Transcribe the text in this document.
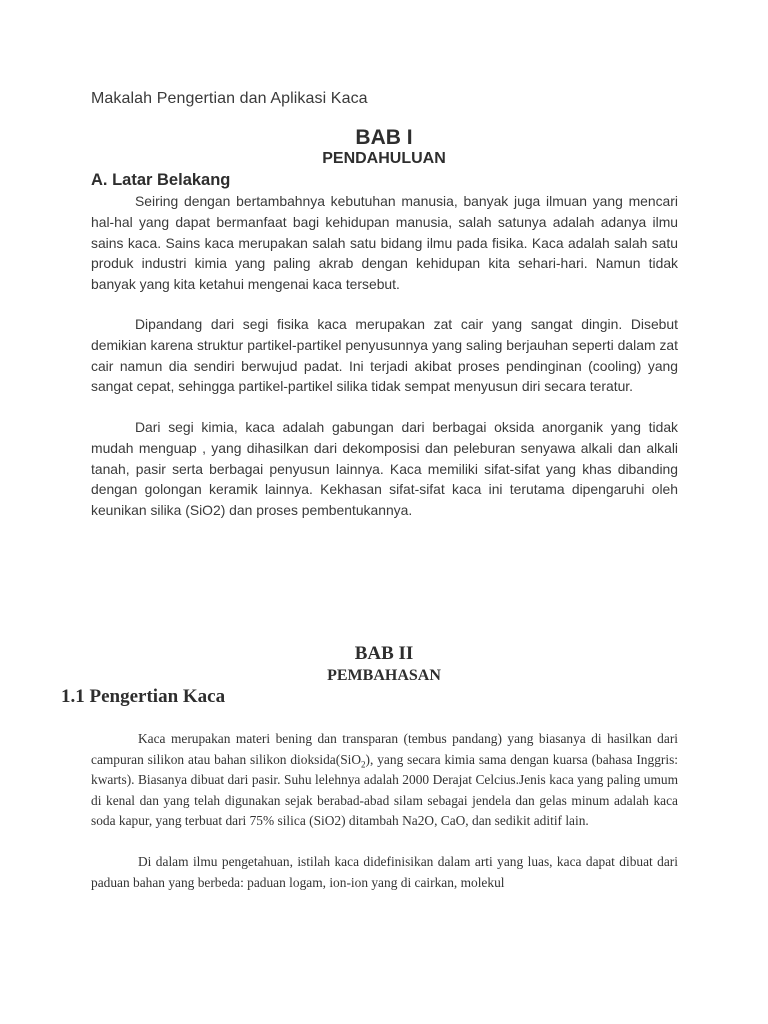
Makalah Pengertian dan Aplikasi Kaca
BAB I
PENDAHULUAN
A. Latar Belakang

Seiring dengan bertambahnya kebutuhan manusia, banyak juga ilmuan yang mencari hal-hal yang dapat bermanfaat bagi kehidupan manusia, salah satunya adalah adanya ilmu sains kaca. Sains kaca merupakan salah satu bidang ilmu pada fisika. Kaca adalah salah satu produk industri kimia yang paling akrab dengan kehidupan kita sehari-hari. Namun tidak banyak yang kita ketahui mengenai kaca tersebut.

Dipandang dari segi fisika kaca merupakan zat cair yang sangat dingin. Disebut demikian karena struktur partikel-partikel penyusunnya yang saling berjauhan seperti dalam zat cair namun dia sendiri berwujud padat. Ini terjadi akibat proses pendinginan (cooling) yang sangat cepat, sehingga partikel-partikel silika tidak sempat menyusun diri secara teratur.

Dari segi kimia, kaca adalah gabungan dari berbagai oksida anorganik yang tidak mudah menguap , yang dihasilkan dari dekomposisi dan peleburan senyawa alkali dan alkali tanah, pasir serta berbagai penyusun lainnya. Kaca memiliki sifat-sifat yang khas dibanding dengan golongan keramik lainnya. Kekhasan sifat-sifat kaca ini terutama dipengaruhi oleh keunikan silika (SiO2) dan proses pembentukannya.

BAB II
PEMBAHASAN
1.1 Pengertian Kaca

Kaca merupakan materi bening dan transparan (tembus pandang) yang biasanya di hasilkan dari campuran silikon atau bahan silikon dioksida(SiO$_2$), yang secara kimia sama dengan kuarsa (bahasa Inggris: kwarts). Biasanya dibuat dari pasir. Suhu lelehnya adalah 2000 Derajat Celcius.Jenis kaca yang paling umum di kenal dan yang telah digunakan sejak berabad-abad silam sebagai jendela dan gelas minum adalah kaca soda kapur, yang terbuat dari 75% silica (SiO2) ditambah Na2O, CaO, dan sedikit aditif lain.

Di dalam ilmu pengetahuan, istilah kaca didefinisikan dalam arti yang luas, kaca dapat dibuat dari paduan bahan yang berbeda: paduan logam, ion-ion yang di cairkan, molekul
